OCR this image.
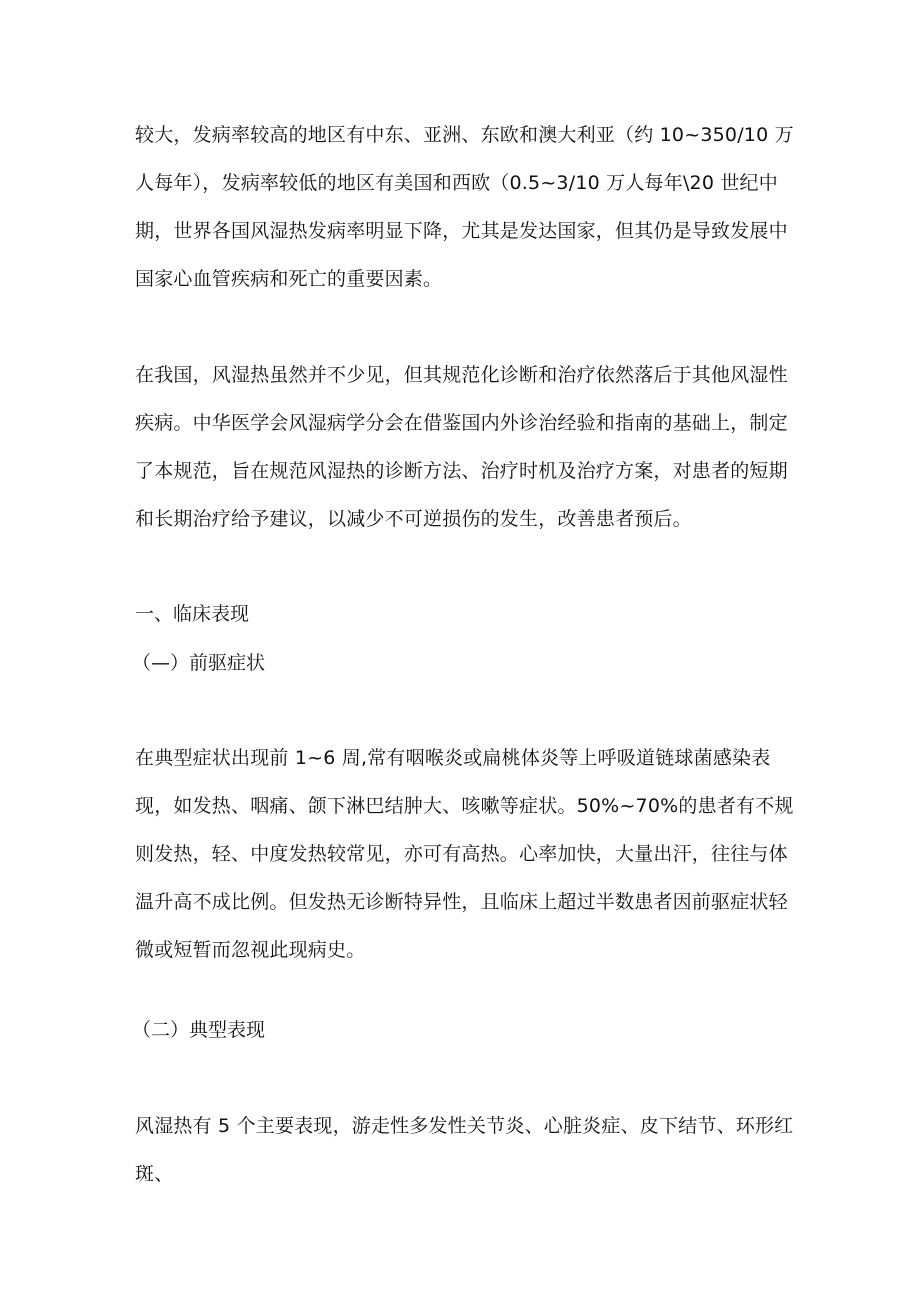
较大，发病率较高的地区有中东、亚洲、东欧和澳大利亚（约 10~350/10 万人每年），发病率较低的地区有美国和西欧（0.5~3/10 万人每年\20 世纪中期，世界各国风湿热发病率明显下降，尤其是发达国家，但其仍是导致发展中国家心血管疾病和死亡的重要因素。

在我国，风湿热虽然并不少见，但其规范化诊断和治疗依然落后于其他风湿性疾病。中华医学会风湿病学分会在借鉴国内外诊治经验和指南的基础上，制定了本规范，旨在规范风湿热的诊断方法、治疗时机及治疗方案，对患者的短期和长期治疗给予建议，以减少不可逆损伤的发生，改善患者预后。

一、临床表现
（—）前驱症状

在典型症状出现前 1~6 周,常有咽喉炎或扁桃体炎等上呼吸道链球菌感染表现，如发热、咽痛、颌下淋巴结肿大、咳嗽等症状。50%~70%的患者有不规则发热，轻、中度发热较常见，亦可有高热。心率加快，大量出汗，往往与体温升高不成比例。但发热无诊断特异性，且临床上超过半数患者因前驱症状轻微或短暂而忽视此现病史。

（二）典型表现

风湿热有 5 个主要表现，游走性多发性关节炎、心脏炎症、皮下结节、环形红斑、
